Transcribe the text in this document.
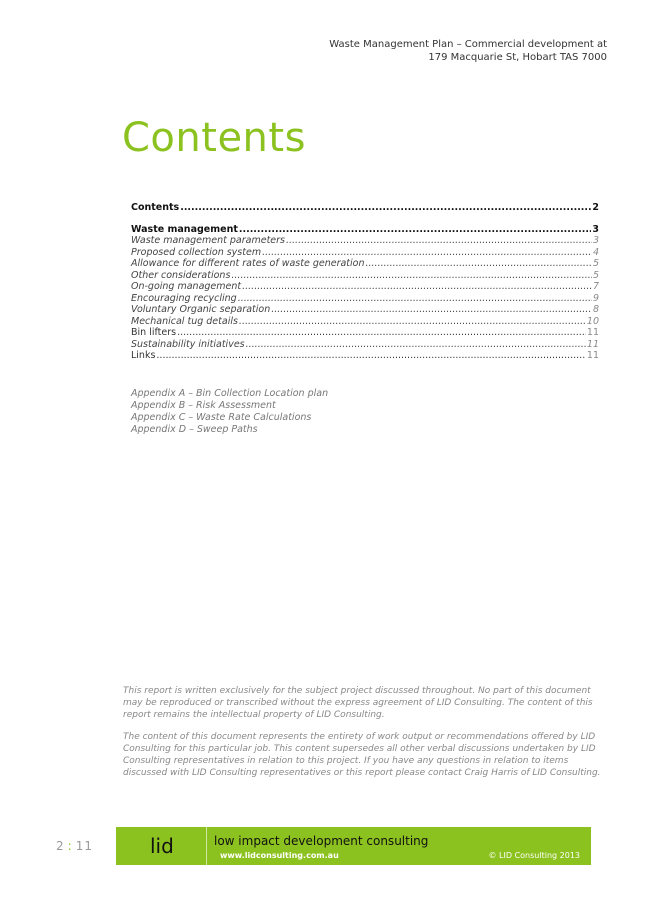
Waste Management Plan – Commercial development at
179 Macquarie St, Hobart TAS 7000
Contents
Contents .....	2
Waste management .....	3
Waste management parameters .....	3
Proposed collection system .....	4
Allowance for different rates of waste generation .....	5
Other considerations .....	5
On-going management .....	7
Encouraging recycling .....	9
Voluntary Organic separation .....	8
Mechanical tug details .....	10
Bin lifters .....	11
Sustainability initiatives .....	11
Links .....	11
Appendix A – Bin Collection Location plan
Appendix B – Risk Assessment
Appendix C – Waste Rate Calculations
Appendix D – Sweep Paths

This report is written exclusively for the subject project discussed throughout. No part of this document may be reproduced or transcribed without the express agreement of LID Consulting. The content of this report remains the intellectual property of LID Consulting.

The content of this document represents the entirety of work output or recommendations offered by LID Consulting for this particular job. This content supersedes all other verbal discussions undertaken by LID Consulting representatives in relation to this project. If you have any questions in relation to items discussed with LID Consulting representatives or this report please contact Craig Harris of LID Consulting.

2 : 11	lid	low impact development consulting
www.lidconsulting.com.au	© LID Consulting 2013
